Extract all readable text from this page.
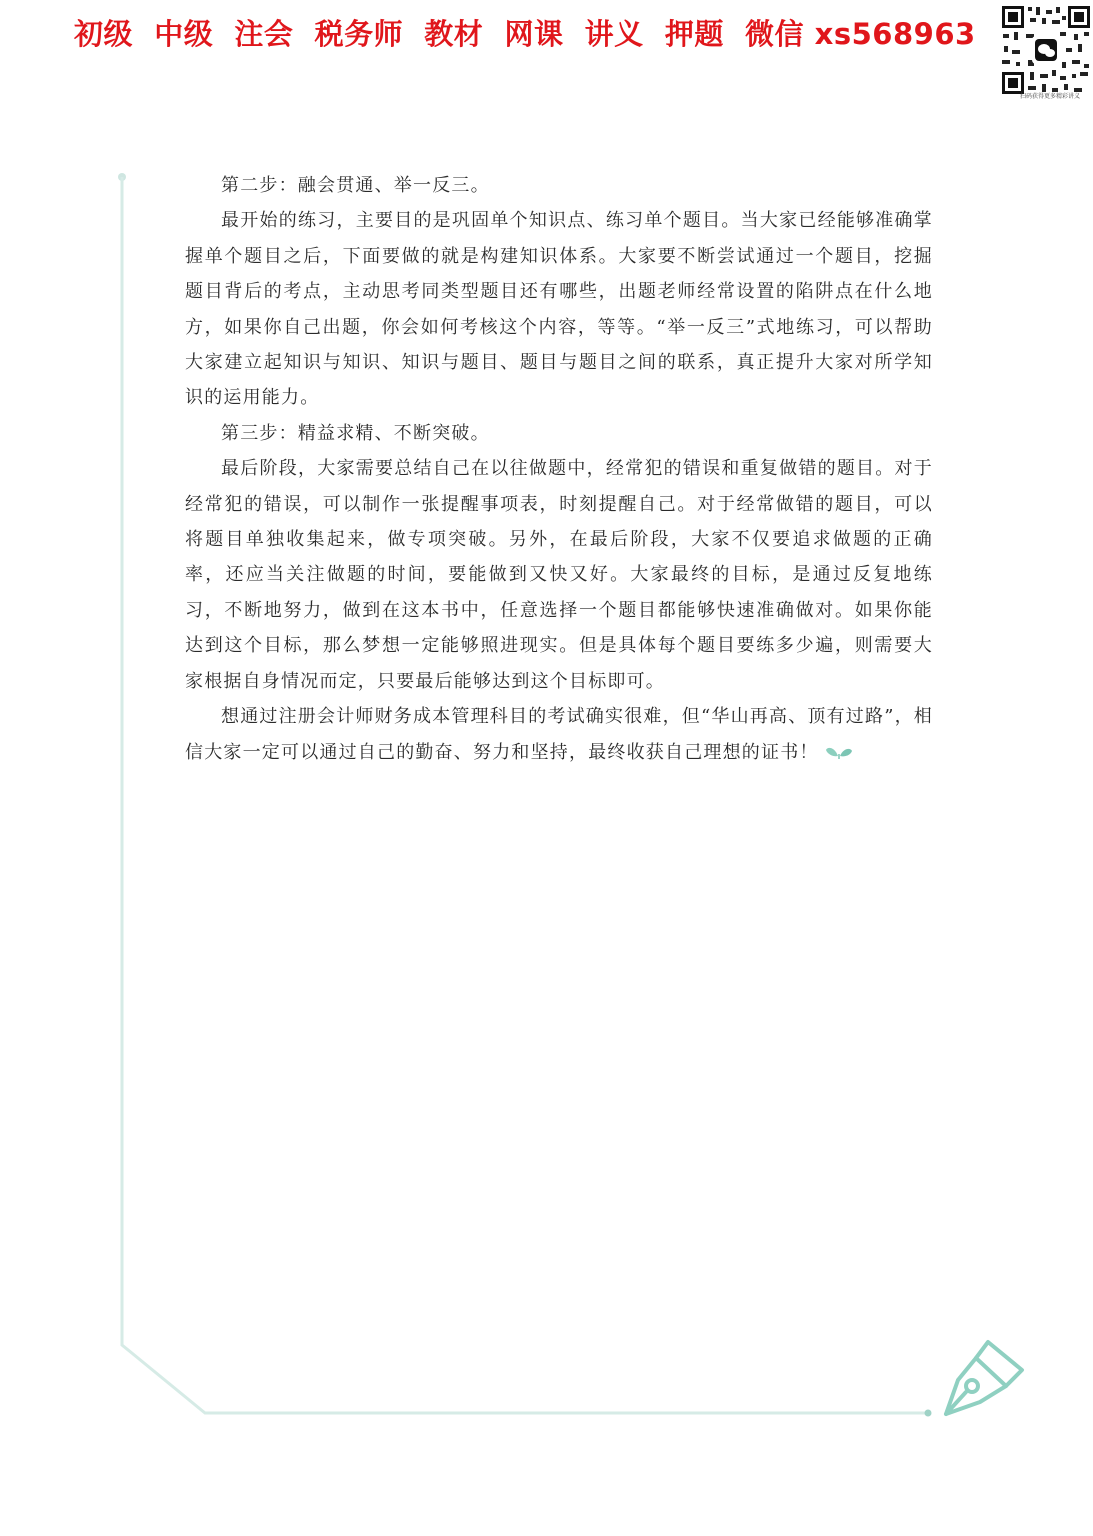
初级  中级  注会  税务师  教材  网课  讲义  押题  微信 xs568963
扫码获得更多精彩讲义

第二步：融会贯通、举一反三。

最开始的练习，主要目的是巩固单个知识点、练习单个题目。当大家已经能够准确掌握单个题目之后，下面要做的就是构建知识体系。大家要不断尝试通过一个题目，挖掘题目背后的考点，主动思考同类型题目还有哪些，出题老师经常设置的陷阱点在什么地方，如果你自己出题，你会如何考核这个内容，等等。“举一反三”式地练习，可以帮助大家建立起知识与知识、知识与题目、题目与题目之间的联系，真正提升大家对所学知识的运用能力。

第三步：精益求精、不断突破。

最后阶段，大家需要总结自己在以往做题中，经常犯的错误和重复做错的题目。对于经常犯的错误，可以制作一张提醒事项表，时刻提醒自己。对于经常做错的题目，可以将题目单独收集起来，做专项突破。另外，在最后阶段，大家不仅要追求做题的正确率，还应当关注做题的时间，要能做到又快又好。大家最终的目标，是通过反复地练习，不断地努力，做到在这本书中，任意选择一个题目都能够快速准确做对。如果你能达到这个目标，那么梦想一定能够照进现实。但是具体每个题目要练多少遍，则需要大家根据自身情况而定，只要最后能够达到这个目标即可。

想通过注册会计师财务成本管理科目的考试确实很难，但“华山再高、顶有过路”，相信大家一定可以通过自己的勤奋、努力和坚持，最终收获自己理想的证书！
